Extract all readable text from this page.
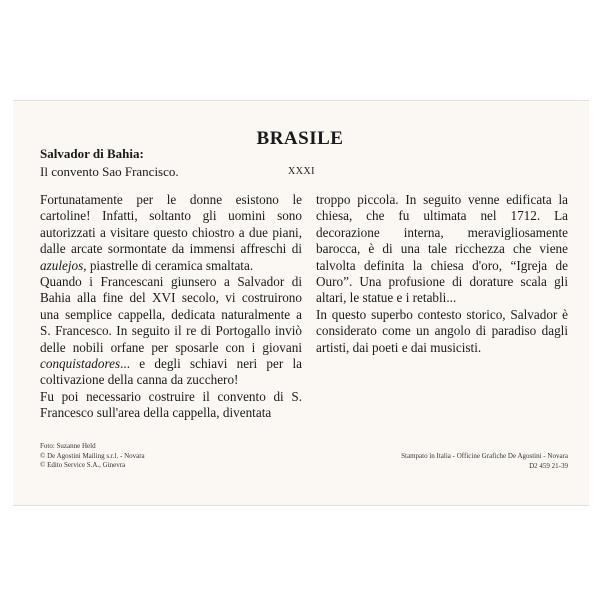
BRASILE
Salvador di Bahia:
Il convento Sao Francisco.	XXXI

Fortunatamente per le donne esistono le cartoline! Infatti, soltanto gli uomini sono autorizzati a visitare questo chiostro a due piani, dalle arcate sormontate da immensi affreschi di azulejos, piastrelle di ceramica smaltata.

Quando i Francescani giunsero a Salvador di Bahia alla fine del XVI secolo, vi costruirono una semplice cappella, dedicata naturalmente a S. Francesco. In seguito il re di Portogallo inviò delle nobili orfane per sposarle con i giovani conquistadores... e degli schiavi neri per la coltivazione della canna da zucchero!

Fu poi necessario costruire il convento di S. Francesco sull'area della cappella, diventata

troppo piccola. In seguito venne edificata la chiesa, che fu ultimata nel 1712. La decorazione interna, meravigliosamente barocca, è di una tale ricchezza che viene talvolta definita la chiesa d'oro, “Igreja de Ouro”. Una profusione di dorature scala gli altari, le statue e i retabli...

In questo superbo contesto storico, Salvador è considerato come un angolo di paradiso dagli artisti, dai poeti e dai musicisti.

Foto: Suzanne Held
© De Agostini Mailing s.r.l. - Novara
© Edito Service S.A., Ginevra
Stampato in Italia - Officine Grafiche De Agostini - Novara
D2 459 21-39
